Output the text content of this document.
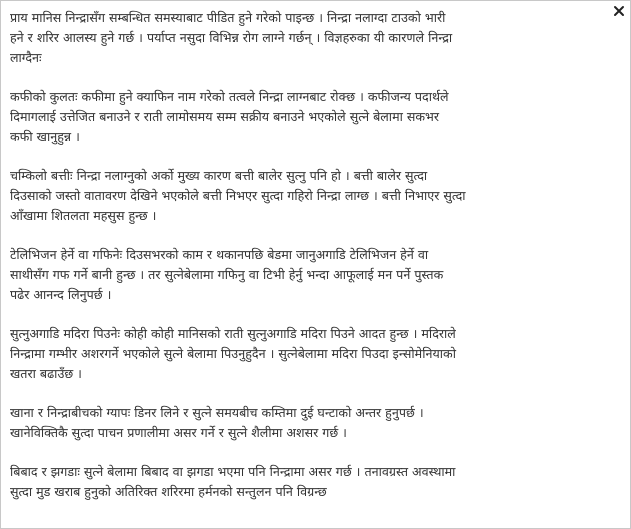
प्राय मानिस निन्द्रासँग सम्बन्धित समस्याबाट पीडित हुने गरेको पाइन्छ । निन्द्रा नलाग्दा टाउको भारी
हने र शरिर आलस्य हुने गर्छ । पर्याप्त नसुदा विभिन्न रोग लाग्ने गर्छन् । विज्ञहरुका यी कारणले निन्द्रा
लाग्दैनः

कफीको कुलतः कफीमा हुने क्याफिन नाम गरेको तत्वले निन्द्रा लाग्नबाट रोक्छ । कफीजन्य पदार्थले
दिमागलाई उत्तेजित बनाउने र राती लामोसमय सम्म सक्रीय बनाउने भएकोले सुत्ने बेलामा सकभर
कफी खानुहुन्न ।

चम्किलो बत्तीः निन्द्रा नलाग्नुको अर्को मुख्य कारण बत्ती बालेर सुत्नु पनि हो । बत्ती बालेर सुत्दा
दिउसाको जस्तो वातावरण देखिने भएकोले बत्ती निभएर सुत्दा गहिरो निन्द्रा लाग्छ । बत्ती निभाएर सुत्दा
आँखामा शितलता महसुस हुन्छ ।

टेलिभिजन हेर्ने वा गफिनेः दिउसभरको काम र थकानपछि बेडमा जानुअगाडि टेलिभिजन हेर्ने वा
साथीसँग गफ गर्ने बानी हुन्छ । तर सुत्नेबेलामा गफिनु वा टिभी हेर्नु भन्दा आफूलाई मन पर्ने पुस्तक
पढेर आनन्द लिनुपर्छ ।

सुत्नुअगाडि मदिरा पिउनेः कोही कोही मानिसको राती सुत्नुअगाडि मदिरा पिउने आदत हुन्छ । मदिराले
निन्द्रामा गम्भीर अशरगर्ने भएकोले सुत्ने बेलामा पिउनुहुदैन । सुत्नेबेलामा मदिरा पिउदा इन्सोमेनियाको
खतरा बढाउँछ ।

खाना र निन्द्राबीचको ग्यापः डिनर लिने र सुत्ने समयबीच कम्तिमा दुई घन्टाको अन्तर हुनुपर्छ ।
खानेविक्तिकै सुत्दा पाचन प्रणालीमा असर गर्ने र सुत्ने शैलीमा अशसर गर्छ ।

बिबाद र झगडाः सुत्ने बेलामा बिबाद वा झगडा भएमा पनि निन्द्रामा असर गर्छ । तनावग्रस्त अवस्थामा
सुत्दा मुड खराब हुनुको अतिरिक्त शरिरमा हर्मनको सन्तुलन पनि विग्रन्छ
